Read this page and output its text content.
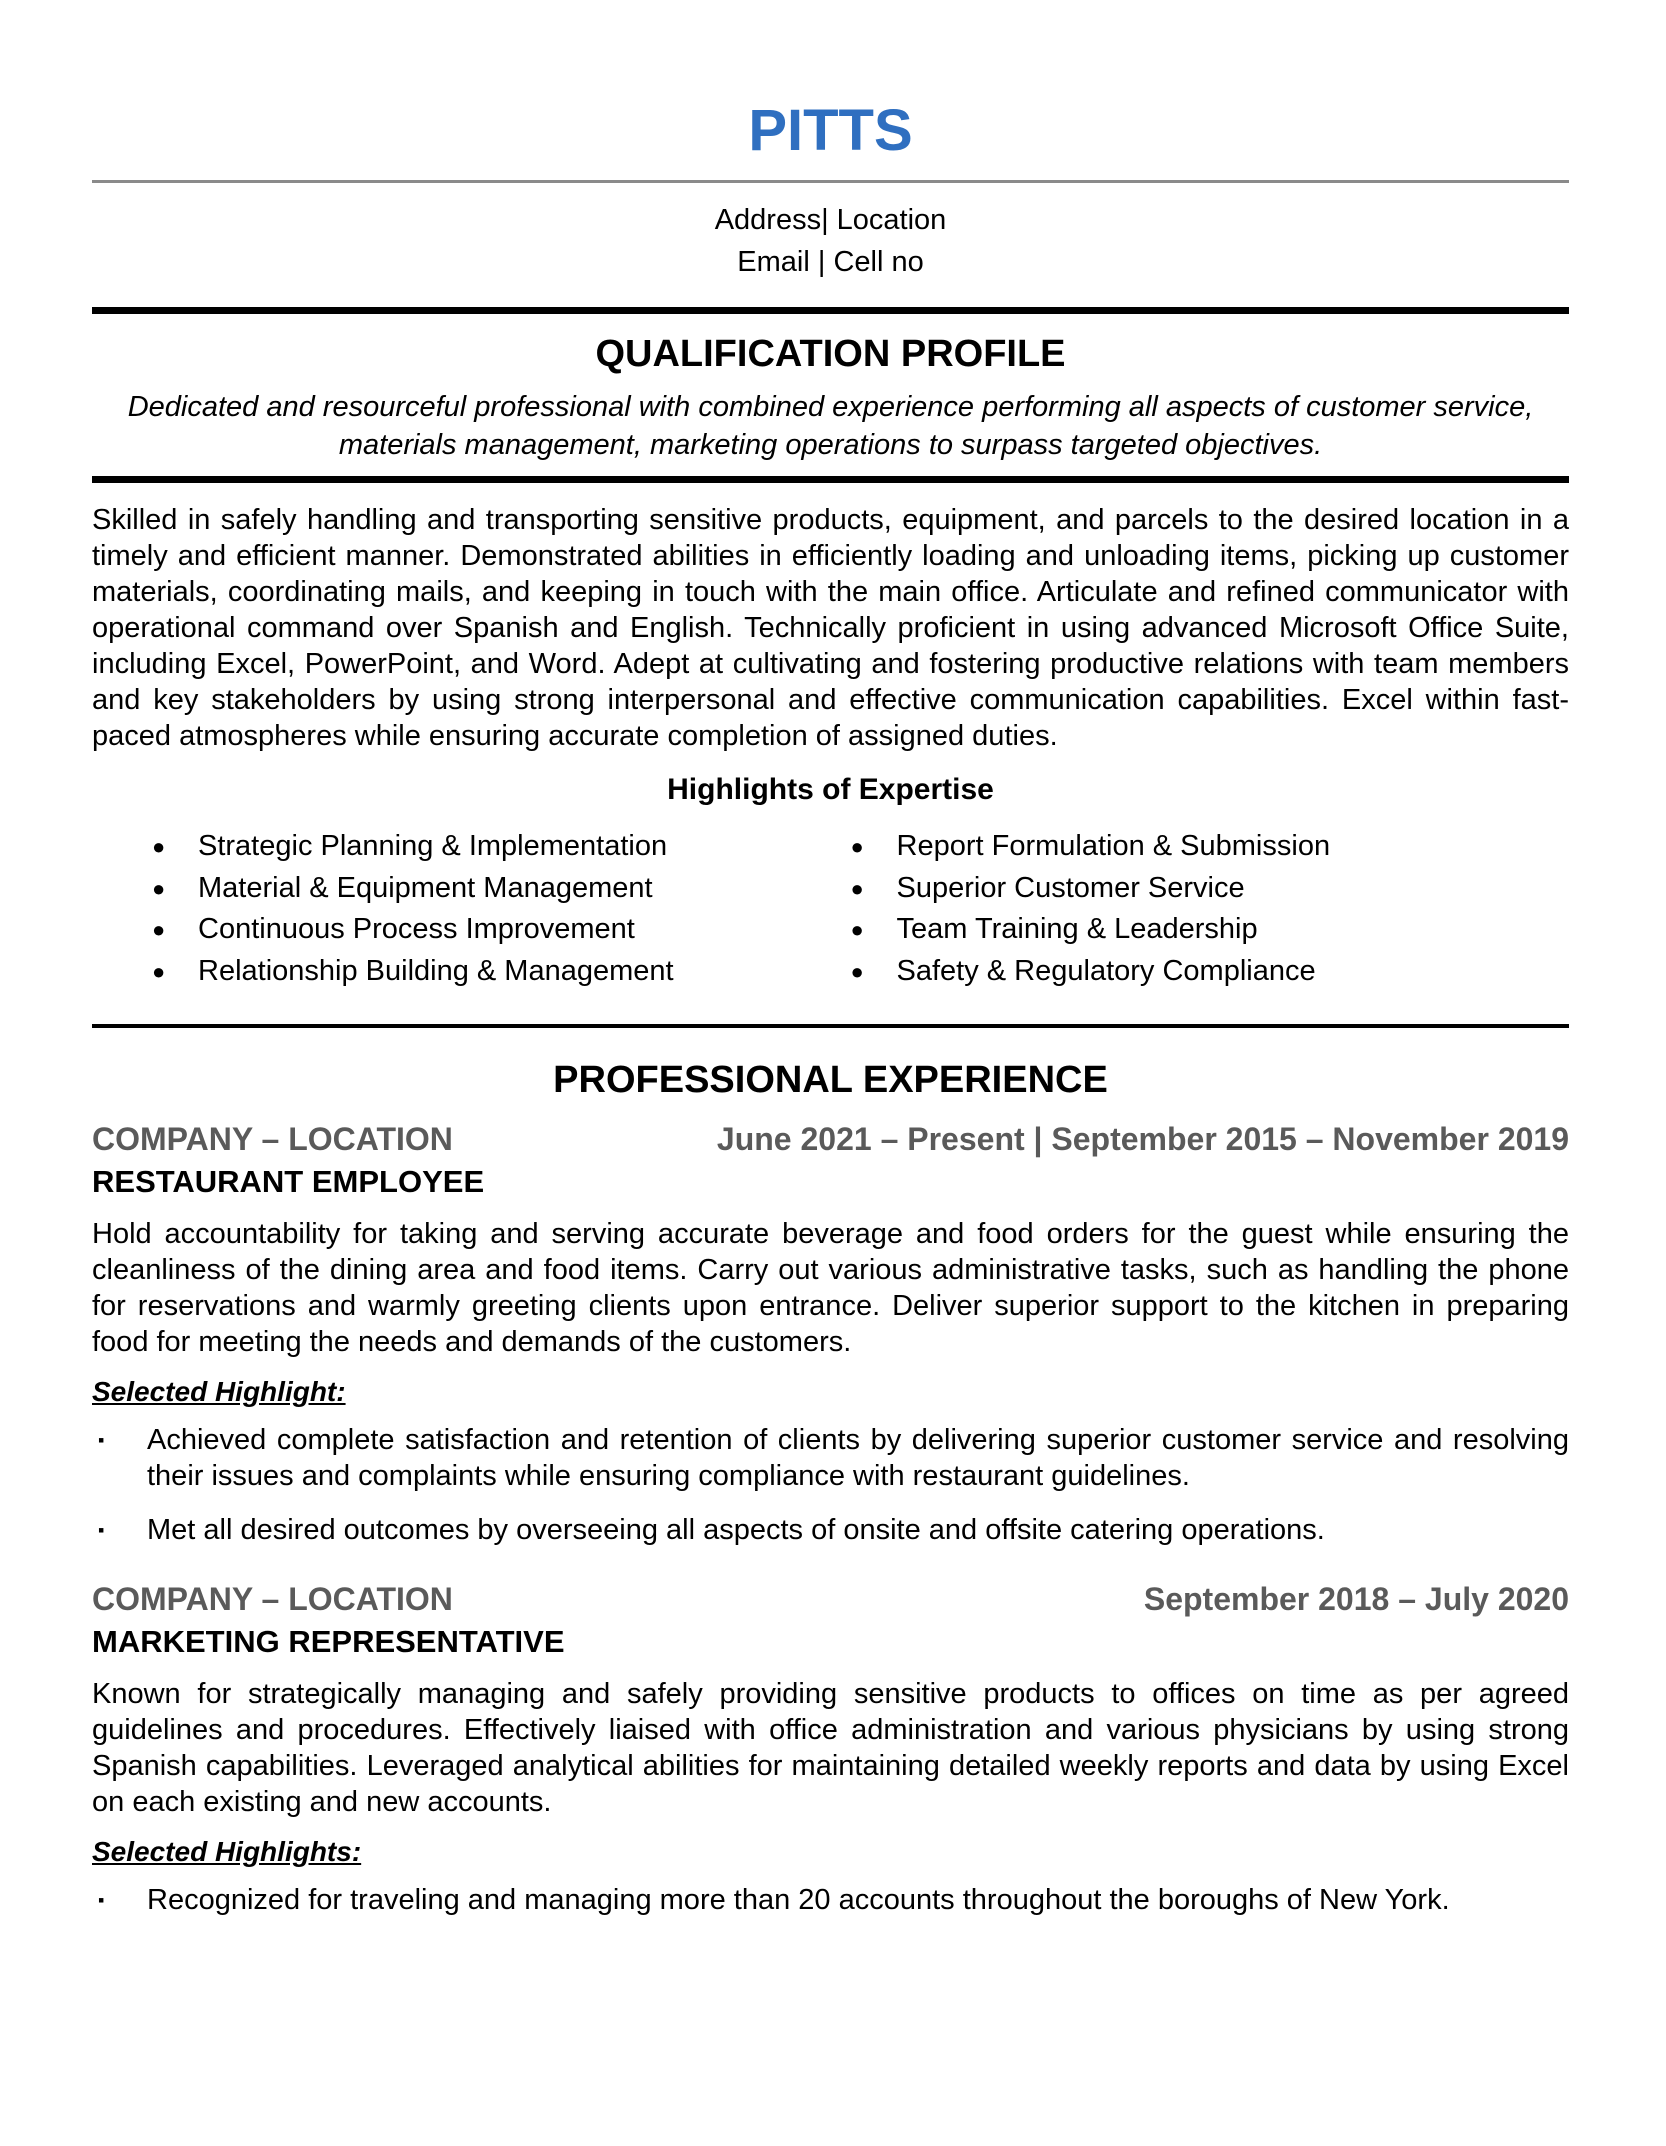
PITTS
Address| Location
Email | Cell no
QUALIFICATION PROFILE
Dedicated and resourceful professional with combined experience performing all aspects of customer service, materials management, marketing operations to surpass targeted objectives.
Skilled in safely handling and transporting sensitive products, equipment, and parcels to the desired location in a timely and efficient manner. Demonstrated abilities in efficiently loading and unloading items, picking up customer materials, coordinating mails, and keeping in touch with the main office. Articulate and refined communicator with operational command over Spanish and English. Technically proficient in using advanced Microsoft Office Suite, including Excel, PowerPoint, and Word. Adept at cultivating and fostering productive relations with team members and key stakeholders by using strong interpersonal and effective communication capabilities. Excel within fast-paced atmospheres while ensuring accurate completion of assigned duties.
Highlights of Expertise
● Strategic Planning & Implementation
● Material & Equipment Management
● Continuous Process Improvement
● Relationship Building & Management
● Report Formulation & Submission
● Superior Customer Service
● Team Training & Leadership
● Safety & Regulatory Compliance
PROFESSIONAL EXPERIENCE
COMPANY – LOCATION	June 2021 – Present | September 2015 – November 2019
RESTAURANT EMPLOYEE
Hold accountability for taking and serving accurate beverage and food orders for the guest while ensuring the cleanliness of the dining area and food items. Carry out various administrative tasks, such as handling the phone for reservations and warmly greeting clients upon entrance. Deliver superior support to the kitchen in preparing food for meeting the needs and demands of the customers.
Selected Highlight:
▪ Achieved complete satisfaction and retention of clients by delivering superior customer service and resolving their issues and complaints while ensuring compliance with restaurant guidelines.
▪ Met all desired outcomes by overseeing all aspects of onsite and offsite catering operations.
COMPANY – LOCATION	September 2018 – July 2020
MARKETING REPRESENTATIVE
Known for strategically managing and safely providing sensitive products to offices on time as per agreed guidelines and procedures. Effectively liaised with office administration and various physicians by using strong Spanish capabilities. Leveraged analytical abilities for maintaining detailed weekly reports and data by using Excel on each existing and new accounts.
Selected Highlights:
▪ Recognized for traveling and managing more than 20 accounts throughout the boroughs of New York.
